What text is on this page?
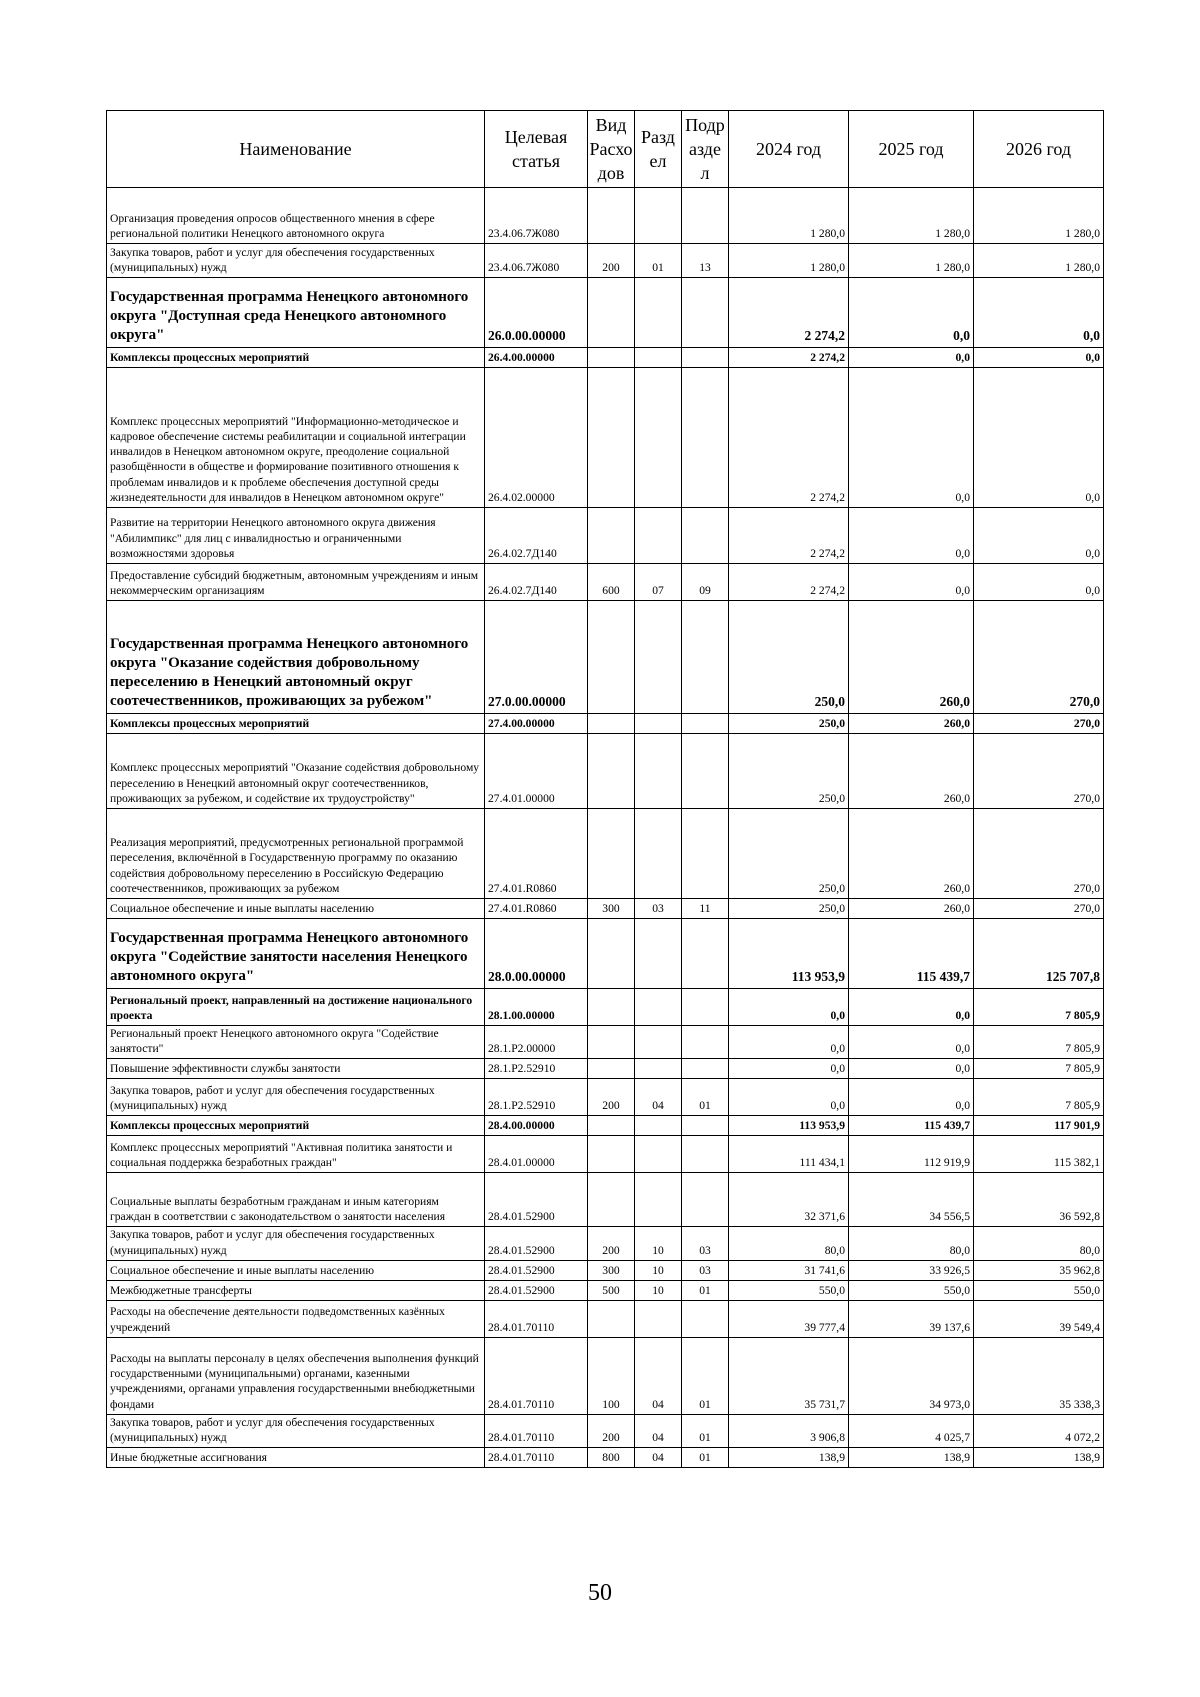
Наименование	Целевая статья	Вид Расхо дов	Разд ел	Подр азде л	2024 год	2025 год	2026 год
Организация проведения опросов общественного мнения в сфере региональной политики Ненецкого автономного округа	23.4.06.7Ж080				1 280,0	1 280,0	1 280,0
Закупка товаров, работ и услуг для обеспечения государственных (муниципальных) нужд	23.4.06.7Ж080	200	01	13	1 280,0	1 280,0	1 280,0
Государственная программа Ненецкого автономного округа "Доступная среда Ненецкого автономного округа"	26.0.00.00000				2 274,2	0,0	0,0
Комплексы процессных мероприятий	26.4.00.00000				2 274,2	0,0	0,0
Комплекс процессных мероприятий "Информационно-методическое и кадровое обеспечение системы реабилитации и социальной интеграции инвалидов в Ненецком автономном округе, преодоление социальной разобщённости в обществе и формирование позитивного отношения к проблемам инвалидов и к проблеме обеспечения доступной среды жизнедеятельности для инвалидов в Ненецком автономном округе"	26.4.02.00000				2 274,2	0,0	0,0
Развитие на территории Ненецкого автономного округа движения "Абилимпикс" для лиц с инвалидностью и ограниченными возможностями здоровья	26.4.02.7Д140				2 274,2	0,0	0,0
Предоставление субсидий бюджетным, автономным учреждениям и иным некоммерческим организациям	26.4.02.7Д140	600	07	09	2 274,2	0,0	0,0
Государственная программа Ненецкого автономного округа "Оказание содействия добровольному переселению в Ненецкий автономный округ соотечественников, проживающих за рубежом"	27.0.00.00000				250,0	260,0	270,0
Комплексы процессных мероприятий	27.4.00.00000				250,0	260,0	270,0
Комплекс процессных мероприятий "Оказание содействия добровольному переселению в Ненецкий автономный округ соотечественников, проживающих за рубежом, и содействие их трудоустройству"	27.4.01.00000				250,0	260,0	270,0
Реализация мероприятий, предусмотренных региональной программой переселения, включённой в Государственную программу по оказанию содействия добровольному переселению в Российскую Федерацию соотечественников, проживающих за рубежом	27.4.01.R0860				250,0	260,0	270,0
Социальное обеспечение и иные выплаты населению	27.4.01.R0860	300	03	11	250,0	260,0	270,0
Государственная программа Ненецкого автономного округа "Содействие занятости населения Ненецкого автономного округа"	28.0.00.00000				113 953,9	115 439,7	125 707,8
Региональный проект, направленный на достижение национального проекта	28.1.00.00000				0,0	0,0	7 805,9
Региональный проект Ненецкого автономного округа "Содействие занятости"	28.1.P2.00000				0,0	0,0	7 805,9
Повышение эффективности службы занятости	28.1.P2.52910				0,0	0,0	7 805,9
Закупка товаров, работ и услуг для обеспечения государственных (муниципальных) нужд	28.1.P2.52910	200	04	01	0,0	0,0	7 805,9
Комплексы процессных мероприятий	28.4.00.00000				113 953,9	115 439,7	117 901,9
Комплекс процессных мероприятий "Активная политика занятости и социальная поддержка безработных граждан"	28.4.01.00000				111 434,1	112 919,9	115 382,1
Социальные выплаты безработным гражданам и иным категориям граждан в соответствии с законодательством о занятости населения	28.4.01.52900				32 371,6	34 556,5	36 592,8
Закупка товаров, работ и услуг для обеспечения государственных (муниципальных) нужд	28.4.01.52900	200	10	03	80,0	80,0	80,0
Социальное обеспечение и иные выплаты населению	28.4.01.52900	300	10	03	31 741,6	33 926,5	35 962,8
Межбюджетные трансферты	28.4.01.52900	500	10	01	550,0	550,0	550,0
Расходы на обеспечение деятельности подведомственных казённых учреждений	28.4.01.70110				39 777,4	39 137,6	39 549,4
Расходы на выплаты персоналу в целях обеспечения выполнения функций государственными (муниципальными) органами, казенными учреждениями, органами управления государственными внебюджетными фондами	28.4.01.70110	100	04	01	35 731,7	34 973,0	35 338,3
Закупка товаров, работ и услуг для обеспечения государственных (муниципальных) нужд	28.4.01.70110	200	04	01	3 906,8	4 025,7	4 072,2
Иные бюджетные ассигнования	28.4.01.70110	800	04	01	138,9	138,9	138,9
50
